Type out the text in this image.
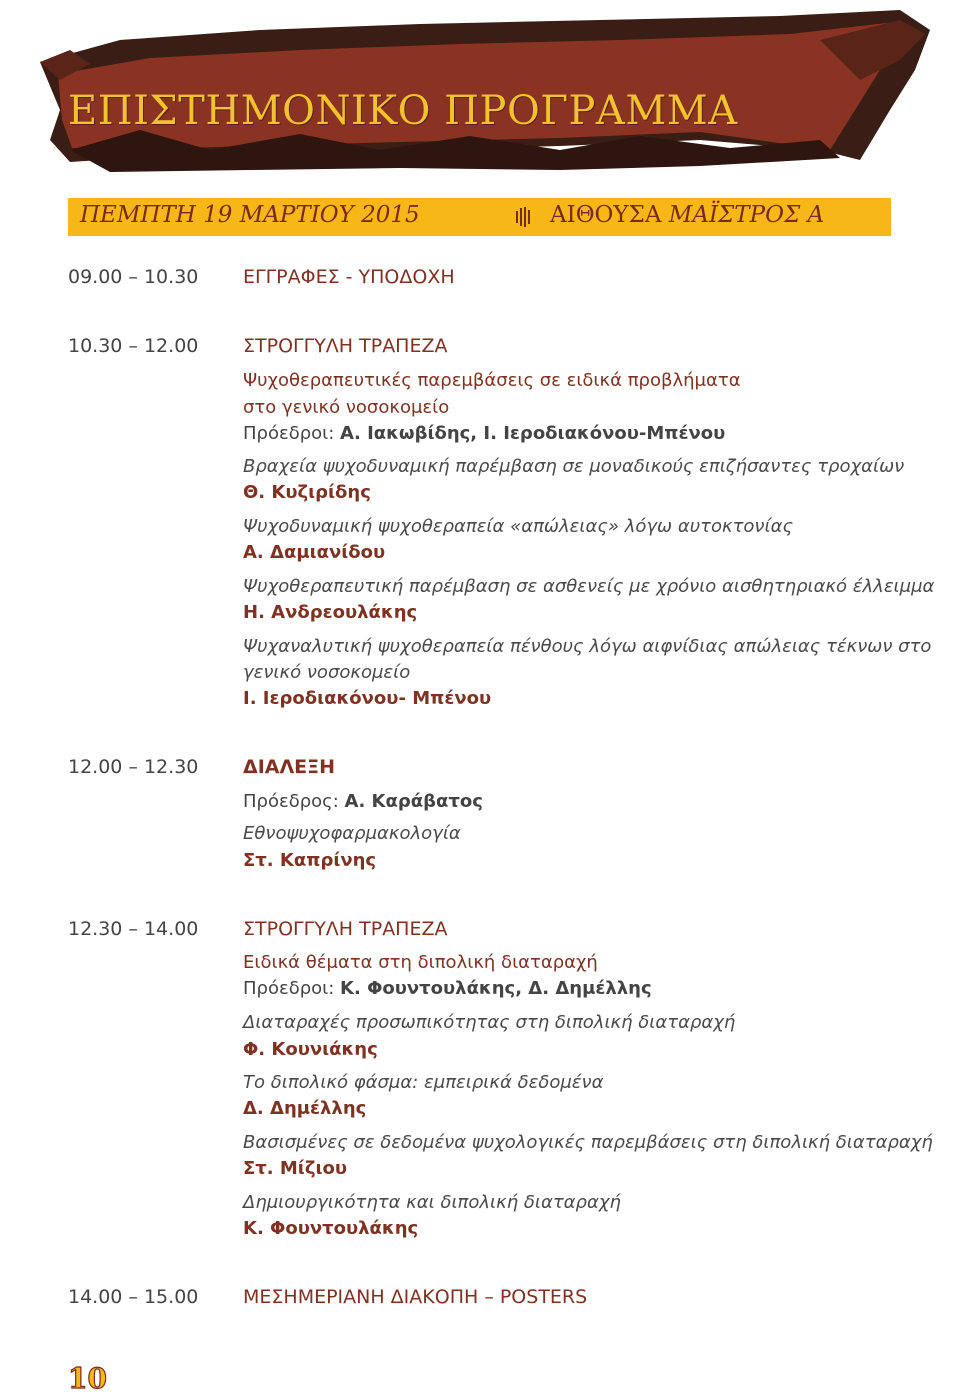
ΕΠΙΣΤΗΜΟΝΙΚΟ ΠΡΟΓΡΑΜΜΑ
ΠΕΜΠΤΗ 19 ΜΑΡΤΙΟΥ 2015	ΑΙΘΟΥΣΑ ΜΑΪΣΤΡΟΣ Α
09.00 – 10.30 ΕΓΓΡΑΦΕΣ - ΥΠΟΔΟΧΗ
10.30 – 12.00 ΣΤΡΟΓΓΥΛΗ ΤΡΑΠΕΖΑ
Ψυχοθεραπευτικές παρεμβάσεις σε ειδικά προβλήματα
στο γενικό νοσοκομείο
Πρόεδροι: Α. Ιακωβίδης, Ι. Ιεροδιακόνου-Μπένου
Βραχεία ψυχοδυναμική παρέμβαση σε μοναδικούς επιζήσαντες τροχαίων
Θ. Κυζιρίδης
Ψυχοδυναμική ψυχοθεραπεία «απώλειας» λόγω αυτοκτονίας
Α. Δαμιανίδου
Ψυχοθεραπευτική παρέμβαση σε ασθενείς με χρόνιο αισθητηριακό έλλειμμα
Η. Ανδρεουλάκης
Ψυχαναλυτική ψυχοθεραπεία πένθους λόγω αιφνίδιας απώλειας τέκνων στο
γενικό νοσοκομείο
Ι. Ιεροδιακόνου- Μπένου
12.00 – 12.30 ΔΙΑΛΕΞΗ
Πρόεδρος: Α. Καράβατος
Εθνοψυχοφαρμακολογία
Στ. Καπρίνης
12.30 – 14.00 ΣΤΡΟΓΓΥΛΗ ΤΡΑΠΕΖΑ
Ειδικά θέματα στη διπολική διαταραχή
Πρόεδροι: Κ. Φουντουλάκης, Δ. Δημέλλης
Διαταραχές προσωπικότητας στη διπολική διαταραχή
Φ. Κουνιάκης
Το διπολικό φάσμα: εμπειρικά δεδομένα
Δ. Δημέλλης
Βασισμένες σε δεδομένα ψυχολογικές παρεμβάσεις στη διπολική διαταραχή
Στ. Μίζιου
Δημιουργικότητα και διπολική διαταραχή
Κ. Φουντουλάκης
14.00 – 15.00 ΜΕΣΗΜΕΡΙΑΝΗ ΔΙΑΚΟΠΗ – POSTERS
10
